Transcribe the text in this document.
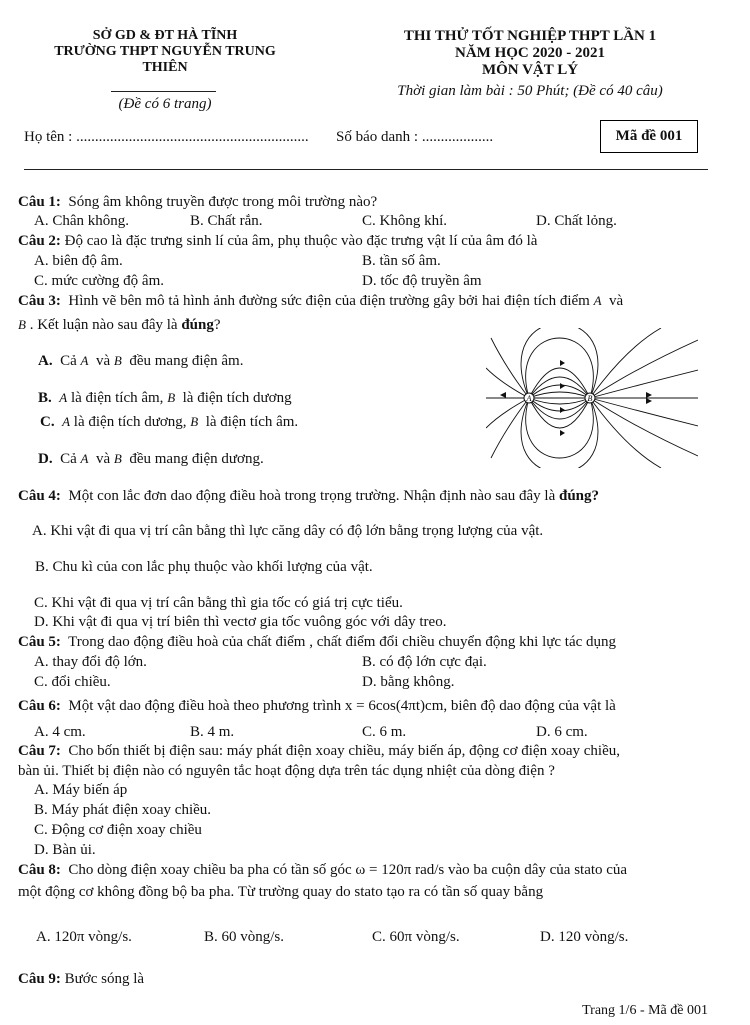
SỞ GD & ĐT HÀ TĨNH
TRƯỜNG THPT NGUYỄN TRUNG
THIÊN
(Đề có 6 trang)
THI THỬ TỐT NGHIỆP THPT LẦN 1
NĂM HỌC 2020 - 2021
MÔN VẬT LÝ
Thời gian làm bài : 50 Phút; (Đề có 40 câu)
Họ tên : .............................................................. Số báo danh : ...................	Mã đề 001
Câu 1: Sóng âm không truyền được trong môi trường nào?
A. Chân không.	B. Chất rắn.	C. Không khí.	D. Chất lỏng.
Câu 2: Độ cao là đặc trưng sinh lí của âm, phụ thuộc vào đặc trưng vật lí của âm đó là
A. biên độ âm.	B. tần số âm.
C. mức cường độ âm.	D. tốc độ truyền âm
Câu 3: Hình vẽ bên mô tả hình ảnh đường sức điện của điện trường gây bởi hai điện tích điểm A và
B . Kết luận nào sau đây là đúng?
A. Cả A và B đều mang điện âm.
B. A là điện tích âm, B là điện tích dương
C. A là điện tích dương, B là điện tích âm.
D. Cả A và B đều mang điện dương.
A	B
Câu 4: Một con lắc đơn dao động điều hoà trong trọng trường. Nhận định nào sau đây là đúng?
A. Khi vật đi qua vị trí cân bằng thì lực căng dây có độ lớn bằng trọng lượng của vật.
B. Chu kì của con lắc phụ thuộc vào khối lượng của vật.
C. Khi vật đi qua vị trí cân bằng thì gia tốc có giá trị cực tiểu.
D. Khi vật đi qua vị trí biên thì vectơ gia tốc vuông góc với dây treo.
Câu 5: Trong dao động điều hoà của chất điểm , chất điểm đổi chiều chuyển động khi lực tác dụng
A. thay đổi độ lớn.	B. có độ lớn cực đại.
C. đổi chiều.	D. bằng không.
Câu 6: Một vật dao động điều hoà theo phương trình x = 6cos(4πt)cm, biên độ dao động của vật là
A. 4 cm.	B. 4 m.	C. 6 m.	D. 6 cm.
Câu 7: Cho bốn thiết bị điện sau: máy phát điện xoay chiều, máy biến áp, động cơ điện xoay chiều,
bàn ủi. Thiết bị điện nào có nguyên tắc hoạt động dựa trên tác dụng nhiệt của dòng điện ?
A. Máy biến áp
B. Máy phát điện xoay chiều.
C. Động cơ điện xoay chiều
D. Bàn ủi.
Câu 8: Cho dòng điện xoay chiều ba pha có tần số góc ω = 120π rad/s vào ba cuộn dây của stato của
một động cơ không đồng bộ ba pha. Từ trường quay do stato tạo ra có tần số quay bằng
A. 120π vòng/s.	B. 60 vòng/s.	C. 60π vòng/s.	D. 120 vòng/s.
Câu 9: Bước sóng là
Trang 1/6 - Mã đề 001
